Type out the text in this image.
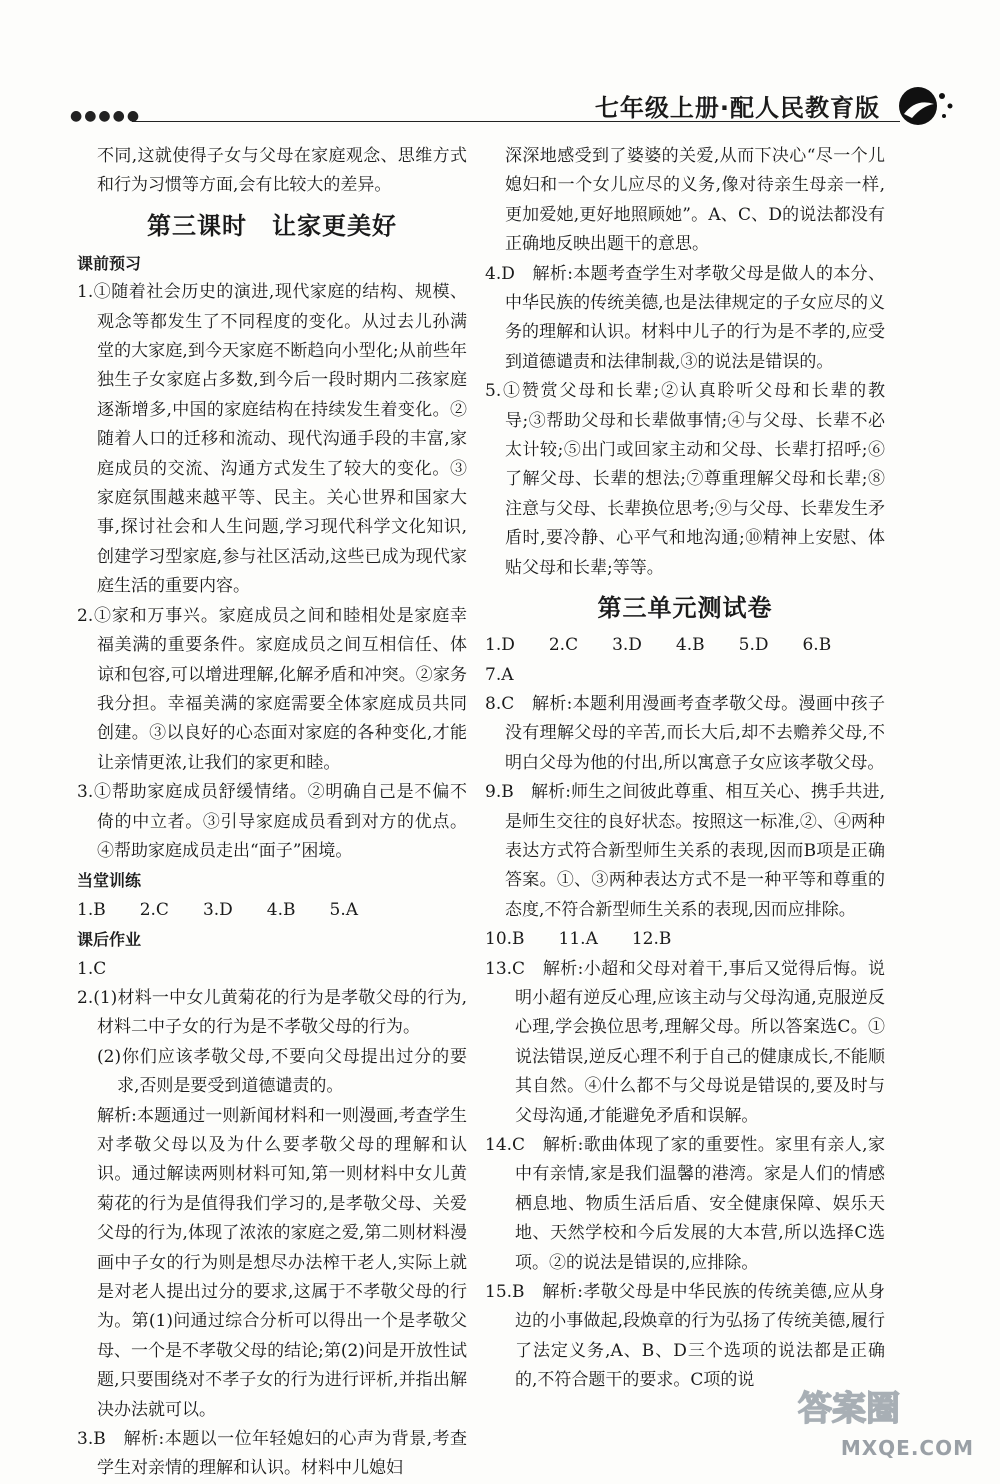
●●●●●	七年级上册·配人民教育版

不同,这就使得子女与父母在家庭观念、思维方式和行为习惯等方面,会有比较大的差异。

第三课时　让家更美好

课前预习

1.①随着社会历史的演进,现代家庭的结构、规模、观念等都发生了不同程度的变化。从过去儿孙满堂的大家庭,到今天家庭不断趋向小型化;从前些年独生子女家庭占多数,到今后一段时期内二孩家庭逐渐增多,中国的家庭结构在持续发生着变化。②随着人口的迁移和流动、现代沟通手段的丰富,家庭成员的交流、沟通方式发生了较大的变化。③家庭氛围越来越平等、民主。关心世界和国家大事,探讨社会和人生问题,学习现代科学文化知识,创建学习型家庭,参与社区活动,这些已成为现代家庭生活的重要内容。

2.①家和万事兴。家庭成员之间和睦相处是家庭幸福美满的重要条件。家庭成员之间互相信任、体谅和包容,可以增进理解,化解矛盾和冲突。②家务我分担。幸福美满的家庭需要全体家庭成员共同创建。③以良好的心态面对家庭的各种变化,才能让亲情更浓,让我们的家更和睦。

3.①帮助家庭成员舒缓情绪。②明确自己是不偏不倚的中立者。③引导家庭成员看到对方的优点。④帮助家庭成员走出“面子”困境。

当堂训练

1.B　　2.C　　3.D　　4.B　　5.A

课后作业

1.C

2.(1)材料一中女儿黄菊花的行为是孝敬父母的行为,材料二中子女的行为是不孝敬父母的行为。

(2)你们应该孝敬父母,不要向父母提出过分的要求,否则是要受到道德谴责的。

解析:本题通过一则新闻材料和一则漫画,考查学生对孝敬父母以及为什么要孝敬父母的理解和认识。通过解读两则材料可知,第一则材料中女儿黄菊花的行为是值得我们学习的,是孝敬父母、关爱父母的行为,体现了浓浓的家庭之爱,第二则材料漫画中子女的行为则是想尽办法榨干老人,实际上就是对老人提出过分的要求,这属于不孝敬父母的行为。第(1)问通过综合分析可以得出一个是孝敬父母、一个是不孝敬父母的结论;第(2)问是开放性试题,只要围绕对不孝子女的行为进行评析,并指出解决办法就可以。

3.B　解析:本题以一位年轻媳妇的心声为背景,考查学生对亲情的理解和认识。材料中儿媳妇

深深地感受到了婆婆的关爱,从而下决心“尽一个儿媳妇和一个女儿应尽的义务,像对待亲生母亲一样,更加爱她,更好地照顾她”。A、C、D的说法都没有正确地反映出题干的意思。

4.D　解析:本题考查学生对孝敬父母是做人的本分、中华民族的传统美德,也是法律规定的子女应尽的义务的理解和认识。材料中儿子的行为是不孝的,应受到道德谴责和法律制裁,③的说法是错误的。

5.①赞赏父母和长辈;②认真聆听父母和长辈的教导;③帮助父母和长辈做事情;④与父母、长辈不必太计较;⑤出门或回家主动和父母、长辈打招呼;⑥了解父母、长辈的想法;⑦尊重理解父母和长辈;⑧注意与父母、长辈换位思考;⑨与父母、长辈发生矛盾时,要冷静、心平气和地沟通;⑩精神上安慰、体贴父母和长辈;等等。

第三单元测试卷

1.D　　2.C　　3.D　　4.B　　5.D　　6.B

7.A

8.C　解析:本题利用漫画考查孝敬父母。漫画中孩子没有理解父母的辛苦,而长大后,却不去赡养父母,不明白父母为他的付出,所以寓意子女应该孝敬父母。

9.B　解析:师生之间彼此尊重、相互关心、携手共进,是师生交往的良好状态。按照这一标准,②、④两种表达方式符合新型师生关系的表现,因而B项是正确答案。①、③两种表达方式不是一种平等和尊重的态度,不符合新型师生关系的表现,因而应排除。

10.B　　11.A　　12.B

13.C　解析:小超和父母对着干,事后又觉得后悔。说明小超有逆反心理,应该主动与父母沟通,克服逆反心理,学会换位思考,理解父母。所以答案选C。①说法错误,逆反心理不利于自己的健康成长,不能顺其自然。④什么都不与父母说是错误的,要及时与父母沟通,才能避免矛盾和误解。

14.C　解析:歌曲体现了家的重要性。家里有亲人,家中有亲情,家是我们温馨的港湾。家是人们的情感栖息地、物质生活后盾、安全健康保障、娱乐天地、天然学校和今后发展的大本营,所以选择C选项。②的说法是错误的,应排除。

15.B　解析:孝敬父母是中华民族的传统美德,应从身边的小事做起,段焕章的行为弘扬了传统美德,履行了法定义务,A、B、D三个选项的说法都是正确的,不符合题干的要求。C项的说

答案圈
MXQE.COM
